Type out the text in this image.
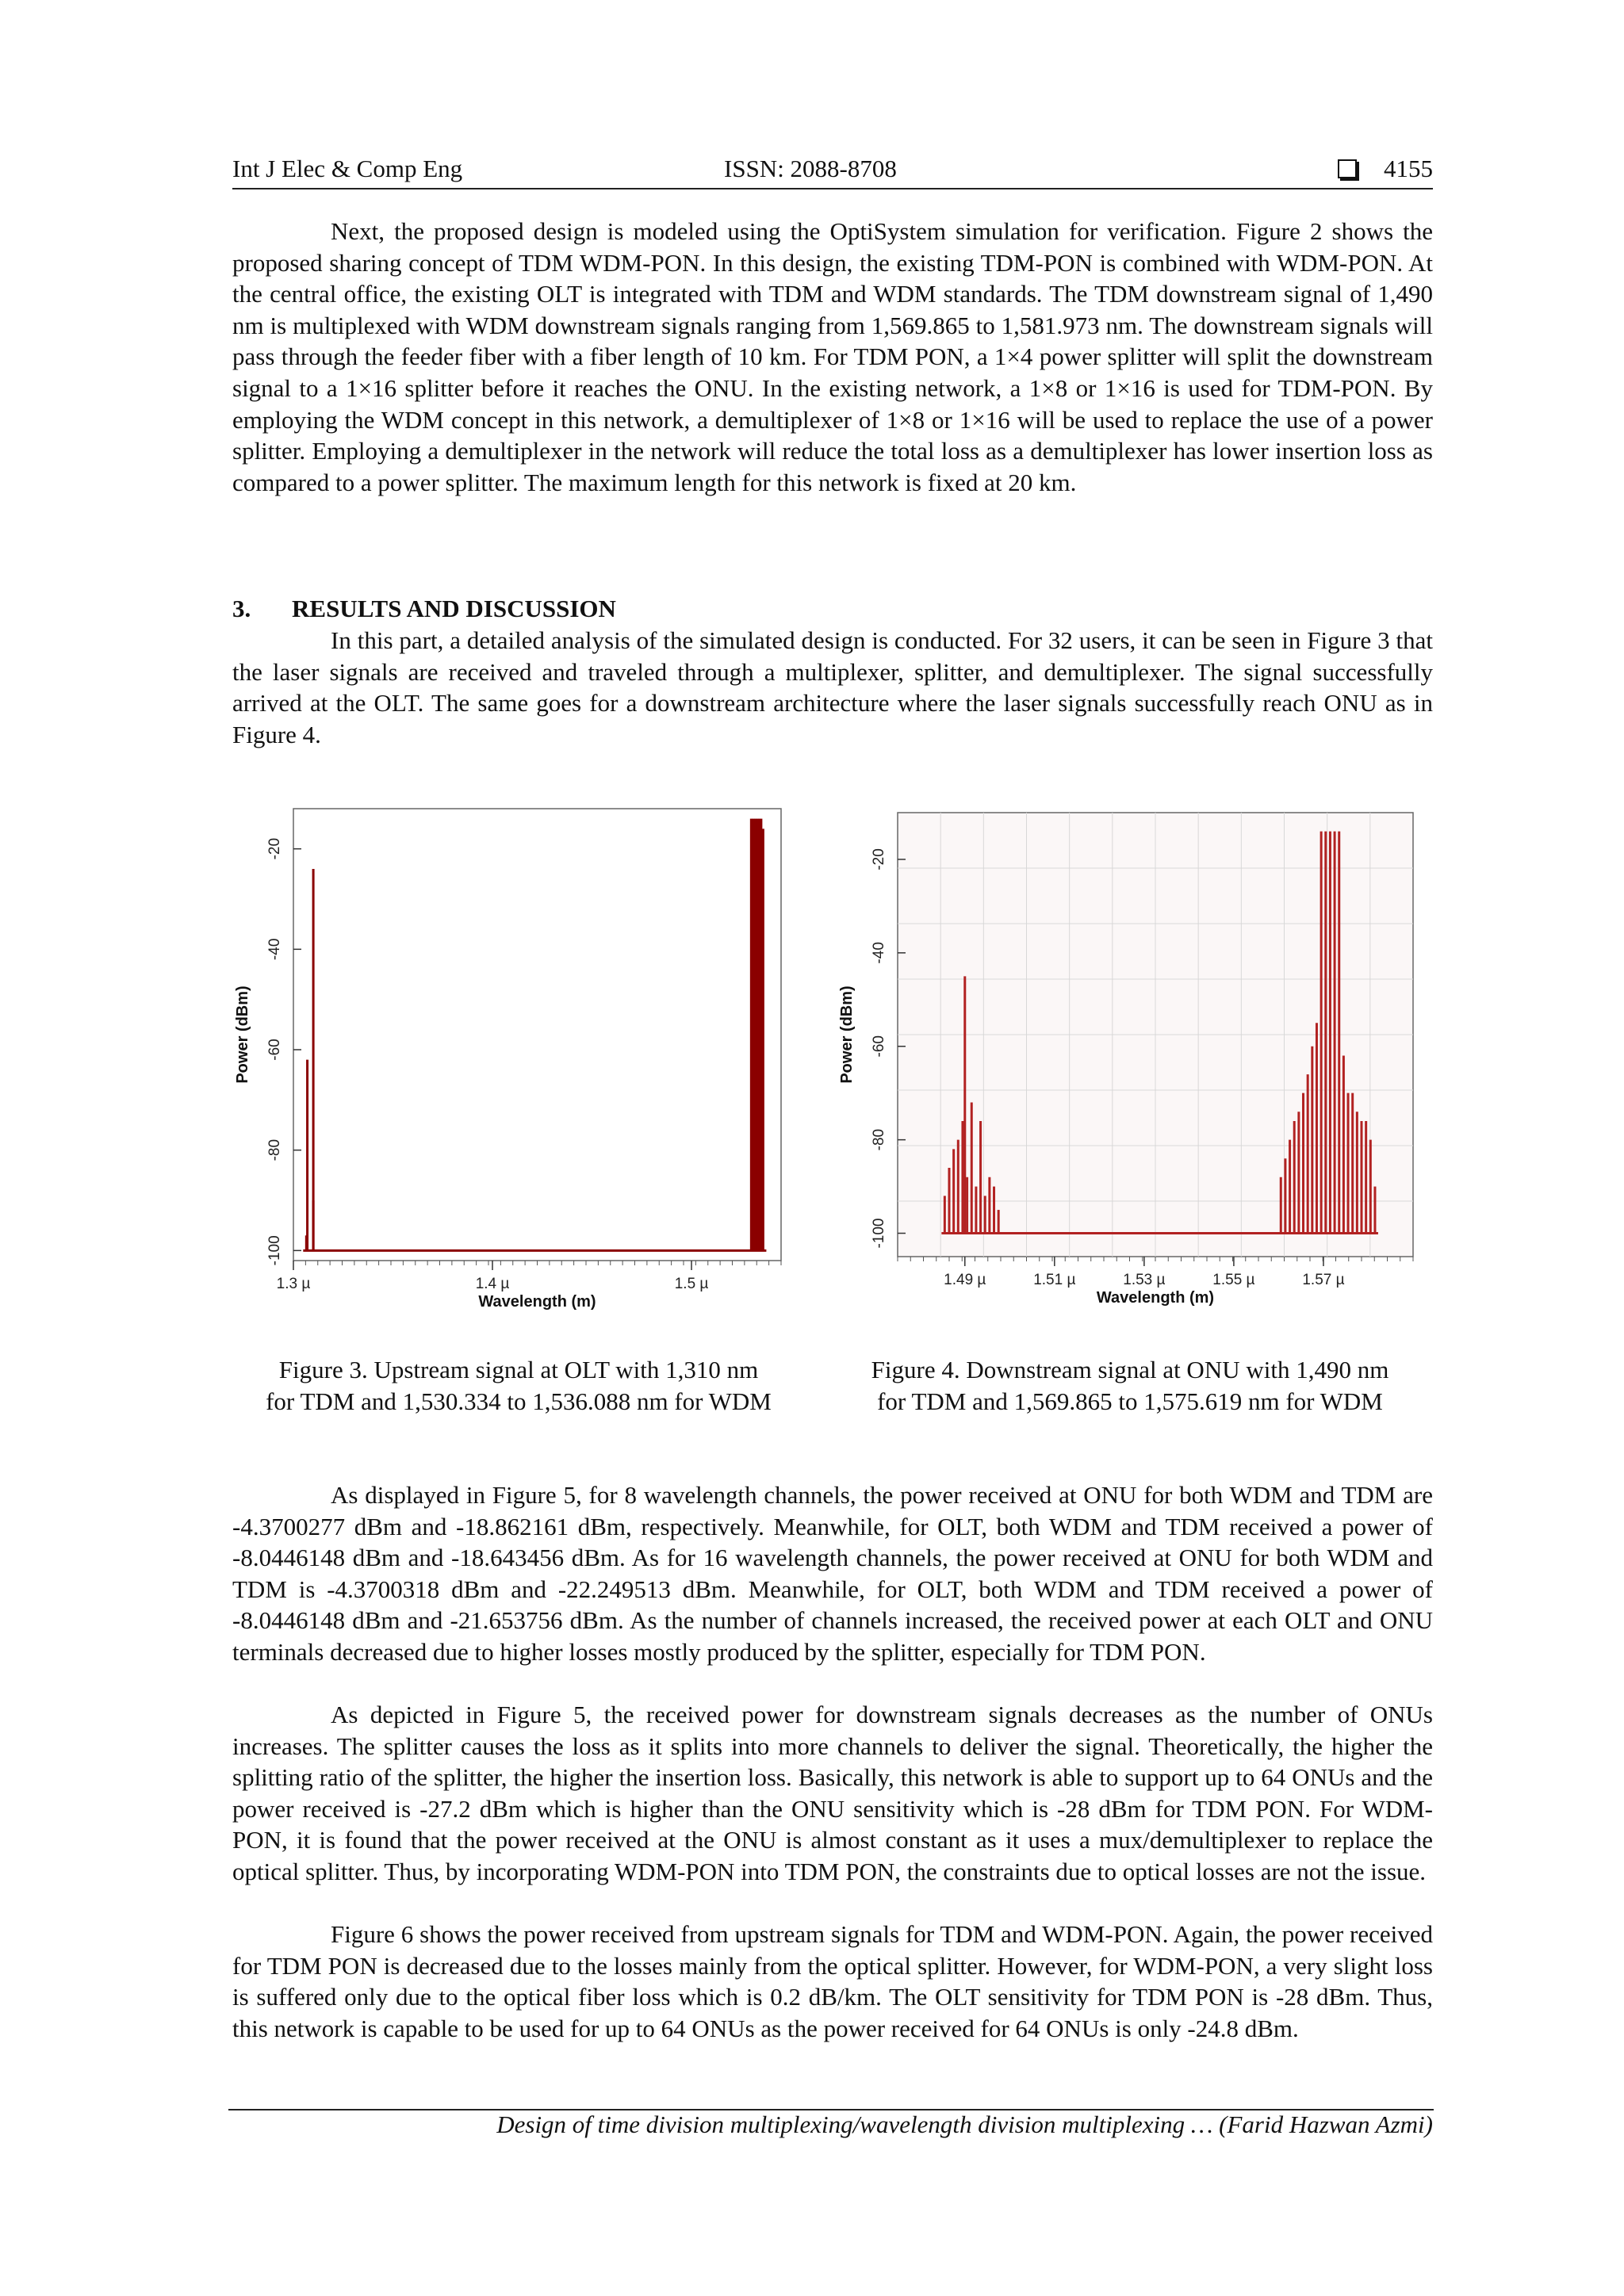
Int J Elec & Comp Eng	ISSN: 2088-8708	4155

Next, the proposed design is modeled using the OptiSystem simulation for verification. Figure 2 shows the proposed sharing concept of TDM WDM-PON. In this design, the existing TDM-PON is combined with WDM-PON. At the central office, the existing OLT is integrated with TDM and WDM standards. The TDM downstream signal of 1,490 nm is multiplexed with WDM downstream signals ranging from 1,569.865 to 1,581.973 nm. The downstream signals will pass through the feeder fiber with a fiber length of 10 km. For TDM PON, a 1×4 power splitter will split the downstream signal to a 1×16 splitter before it reaches the ONU. In the existing network, a 1×8 or 1×16 is used for TDM-PON. By employing the WDM concept in this network, a demultiplexer of 1×8 or 1×16 will be used to replace the use of a power splitter. Employing a demultiplexer in the network will reduce the total loss as a demultiplexer has lower insertion loss as compared to a power splitter. The maximum length for this network is fixed at 20 km.

3. RESULTS AND DISCUSSION

In this part, a detailed analysis of the simulated design is conducted. For 32 users, it can be seen in Figure 3 that the laser signals are received and traveled through a multiplexer, splitter, and demultiplexer. The signal successfully arrived at the OLT. The same goes for a downstream architecture where the laser signals successfully reach ONU as in Figure 4.

-100
-80
-60
-40
-20
1.3 µ	1.4 µ	1.5 µ
Wavelength (m)
Power (dBm)
Figure 3. Upstream signal at OLT with 1,310 nm
for TDM and 1,530.334 to 1,536.088 nm for WDM
-100
-80
-60
-40
-20
1.49 µ	1.51 µ	1.53 µ	1.55 µ	1.57 µ
Wavelength (m)
Power (dBm)
Figure 4. Downstream signal at ONU with 1,490 nm
for TDM and 1,569.865 to 1,575.619 nm for WDM

As displayed in Figure 5, for 8 wavelength channels, the power received at ONU for both WDM and TDM are -4.3700277 dBm and -18.862161 dBm, respectively. Meanwhile, for OLT, both WDM and TDM received a power of -8.0446148 dBm and -18.643456 dBm. As for 16 wavelength channels, the power received at ONU for both WDM and TDM is -4.3700318 dBm and -22.249513 dBm. Meanwhile, for OLT, both WDM and TDM received a power of -8.0446148 dBm and -21.653756 dBm. As the number of channels increased, the received power at each OLT and ONU terminals decreased due to higher losses mostly produced by the splitter, especially for TDM PON.

As depicted in Figure 5, the received power for downstream signals decreases as the number of ONUs increases. The splitter causes the loss as it splits into more channels to deliver the signal. Theoretically, the higher the splitting ratio of the splitter, the higher the insertion loss. Basically, this network is able to support up to 64 ONUs and the power received is -27.2 dBm which is higher than the ONU sensitivity which is -28 dBm for TDM PON. For WDM-PON, it is found that the power received at the ONU is almost constant as it uses a mux/demultiplexer to replace the optical splitter. Thus, by incorporating WDM-PON into TDM PON, the constraints due to optical losses are not the issue.

Figure 6 shows the power received from upstream signals for TDM and WDM-PON. Again, the power received for TDM PON is decreased due to the losses mainly from the optical splitter. However, for WDM-PON, a very slight loss is suffered only due to the optical fiber loss which is 0.2 dB/km. The OLT sensitivity for TDM PON is -28 dBm. Thus, this network is capable to be used for up to 64 ONUs as the power received for 64 ONUs is only -24.8 dBm.

Design of time division multiplexing/wavelength division multiplexing … (Farid Hazwan Azmi)
